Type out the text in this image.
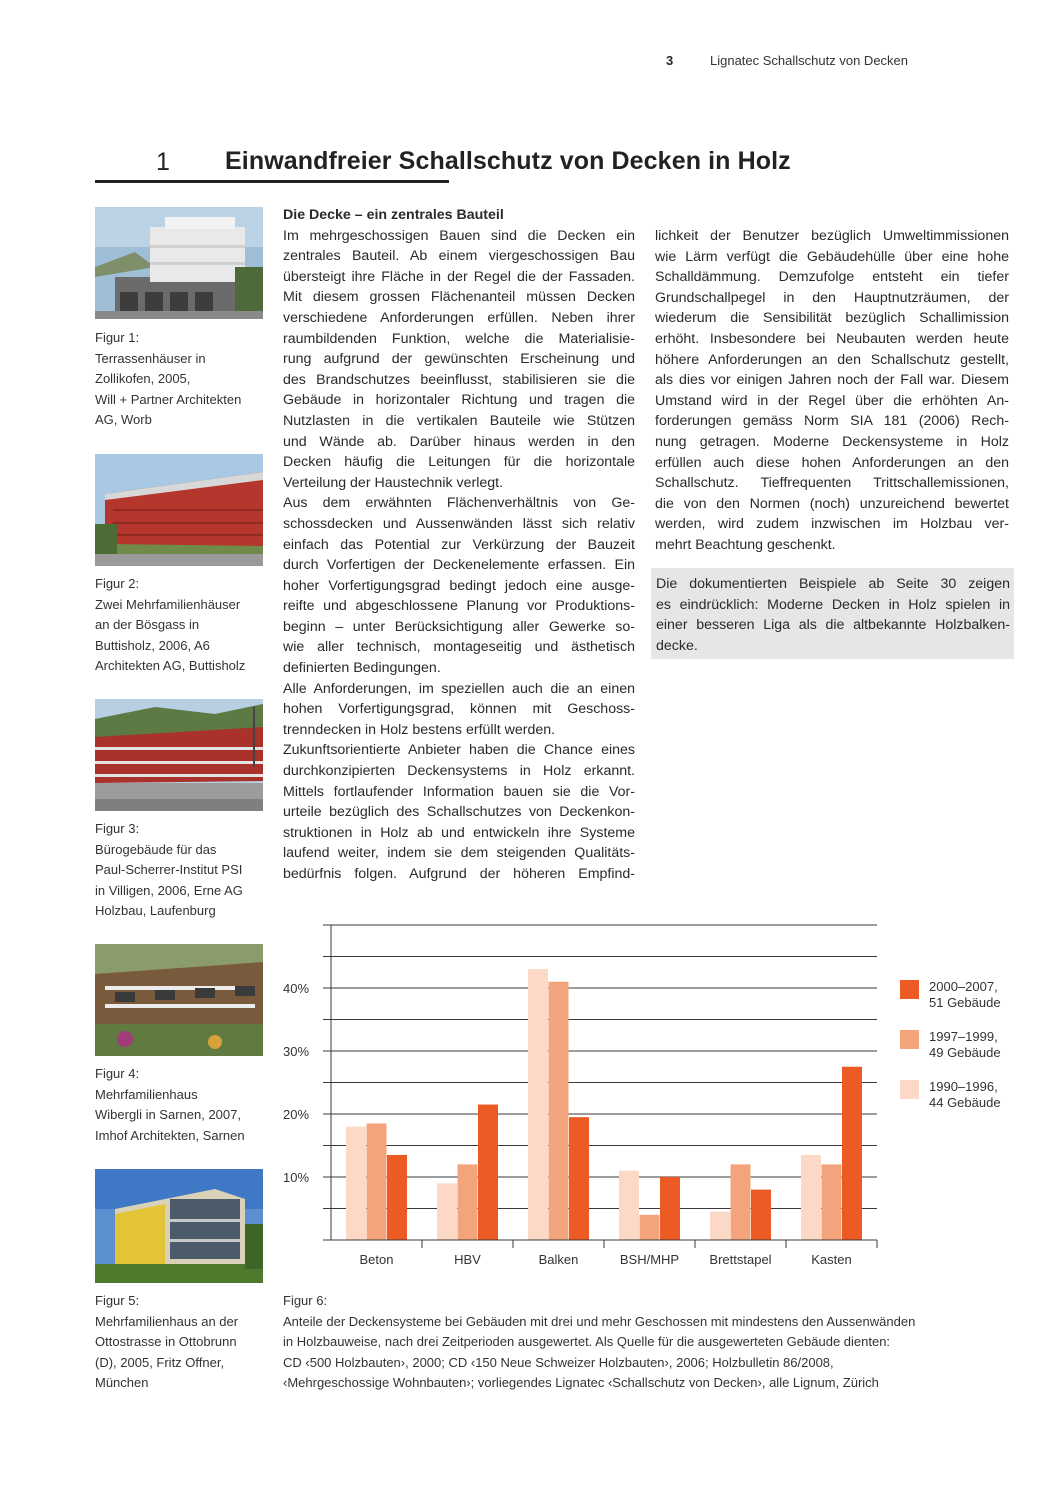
3	Lignatec Schallschutz von Decken
1 Einwandfreier Schallschutz von Decken in Holz
Figur 1:
Terrassenhäuser in
Zollikofen, 2005,
Will + Partner Architekten
AG, Worb
Figur 2:
Zwei Mehrfamilienhäuser
an der Bösgass in
Buttisholz, 2006, A6
Architekten AG, Buttisholz
Figur 3:
Bürogebäude für das
Paul-Scherrer-Institut PSI
in Villigen, 2006, Erne AG
Holzbau, Laufenburg
Figur 4:
Mehrfamilienhaus
Wibergli in Sarnen, 2007,
Imhof Architekten, Sarnen
Figur 5:
Mehrfamilienhaus an der
Ottostrasse in Ottobrunn
(D), 2005, Fritz Offner,
München
Die Decke – ein zentrales Bauteil
Im mehrgeschossigen Bauen sind die Decken ein
zentrales Bauteil. Ab einem viergeschossigen Bau
übersteigt ihre Fläche in der Regel die der Fassaden.
Mit diesem grossen Flächenanteil müssen Decken
verschiedene Anforderungen erfüllen. Neben ihrer
raumbildenden Funktion, welche die Materialisie-
rung aufgrund der gewünschten Erscheinung und
des Brandschutzes beeinflusst, stabilisieren sie die
Gebäude in horizontaler Richtung und tragen die
Nutzlasten in die vertikalen Bauteile wie Stützen
und Wände ab. Darüber hinaus werden in den
Decken häufig die Leitungen für die horizontale
Verteilung der Haustechnik verlegt.
Aus dem erwähnten Flächenverhältnis von Ge-
schossdecken und Aussenwänden lässt sich relativ
einfach das Potential zur Verkürzung der Bauzeit
durch Vorfertigen der Deckenelemente erfassen. Ein
hoher Vorfertigungsgrad bedingt jedoch eine ausge-
reifte und abgeschlossene Planung vor Produktions-
beginn – unter Berücksichtigung aller Gewerke so-
wie aller technisch, montageseitig und ästhetisch
definierten Bedingungen.
Alle Anforderungen, im speziellen auch die an einen
hohen Vorfertigungsgrad, können mit Geschoss-
trenndecken in Holz bestens erfüllt werden.
Zukunftsorientierte Anbieter haben die Chance eines
durchkonzipierten Deckensystems in Holz erkannt.
Mittels fortlaufender Information bauen sie die Vor-
urteile bezüglich des Schallschutzes von Deckenkon-
struktionen in Holz ab und entwickeln ihre Systeme
laufend weiter, indem sie dem steigenden Qualitäts-
bedürfnis folgen. Aufgrund der höheren Empfind-
lichkeit der Benutzer bezüglich Umweltimmissionen
wie Lärm verfügt die Gebäudehülle über eine hohe
Schalldämmung. Demzufolge entsteht ein tiefer
Grundschallpegel in den Hauptnutzräumen, der
wiederum die Sensibilität bezüglich Schallimission
erhöht. Insbesondere bei Neubauten werden heute
höhere Anforderungen an den Schallschutz gestellt,
als dies vor einigen Jahren noch der Fall war. Diesem
Umstand wird in der Regel über die erhöhten An-
forderungen gemäss Norm SIA 181 (2006) Rech-
nung getragen. Moderne Deckensysteme in Holz
erfüllen auch diese hohen Anforderungen an den
Schallschutz. Tieffrequenten Trittschallemissionen,
die von den Normen (noch) unzureichend bewertet
werden, wird zudem inzwischen im Holzbau ver-
mehrt Beachtung geschenkt.
Die dokumentierten Beispiele ab Seite 30 zeigen
es eindrücklich: Moderne Decken in Holz spielen in
einer besseren Liga als die altbekannte Holzbalken-
decke.
10%
20%
30%
40%
Beton	HBV	Balken	BSH/MHP Brettstapel	Kasten
2000–2007,
51 Gebäude
1997–1999,
49 Gebäude
1990–1996,
44 Gebäude
Figur 6:
Anteile der Deckensysteme bei Gebäuden mit drei und mehr Geschossen mit mindestens den Aussenwänden
in Holzbauweise, nach drei Zeitperioden ausgewertet. Als Quelle für die ausgewerteten Gebäude dienten:
CD ‹500 Holzbauten›, 2000; CD ‹150 Neue Schweizer Holzbauten›, 2006; Holzbulletin 86/2008,
‹Mehrgeschossige Wohnbauten›; vorliegendes Lignatec ‹Schallschutz von Decken›, alle Lignum, Zürich
